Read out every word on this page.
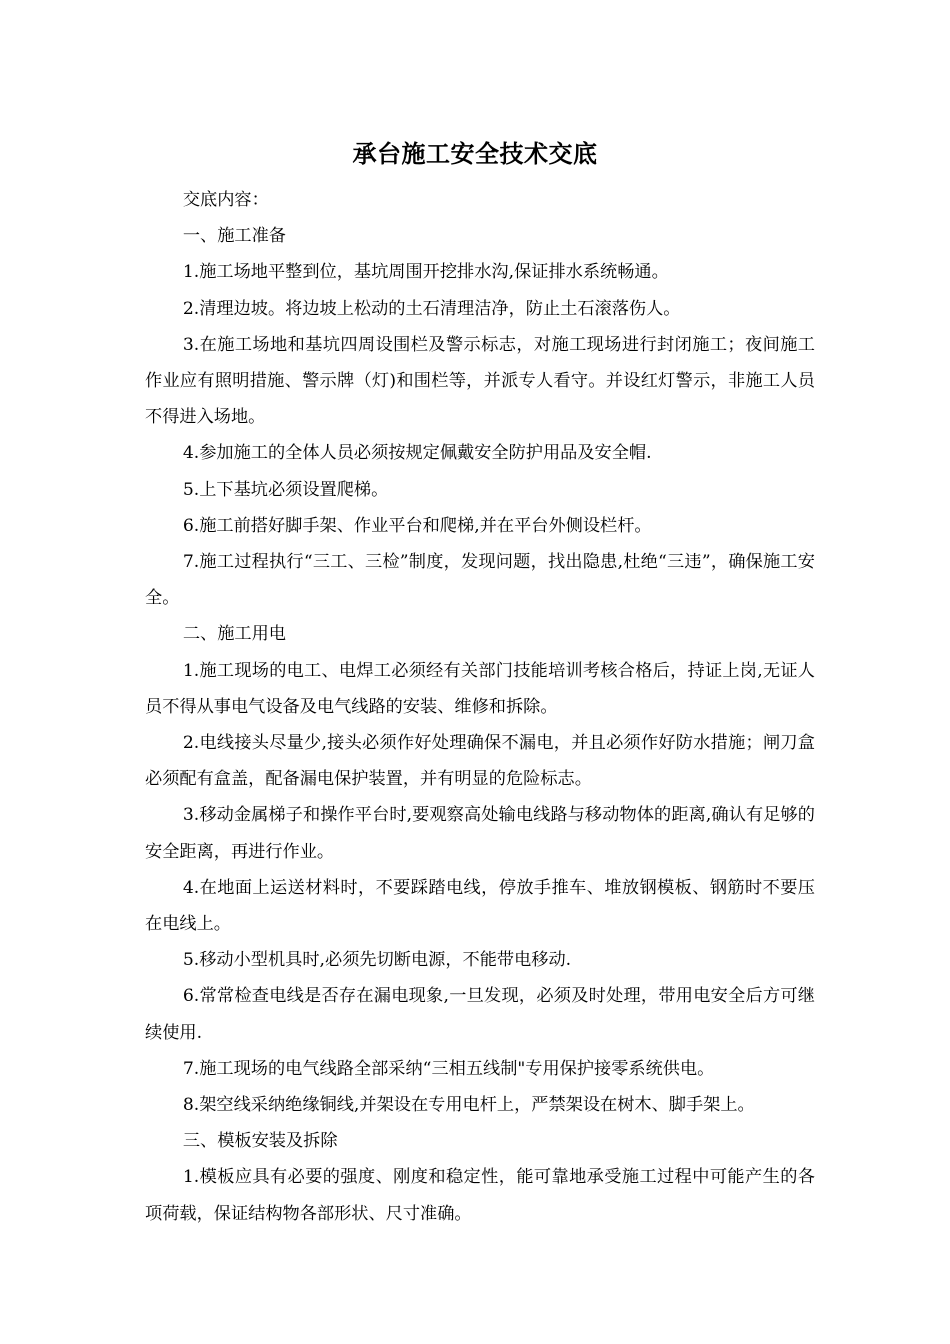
承台施工安全技术交底

交底内容：

一、施工准备

1.施工场地平整到位，基坑周围开挖排水沟,保证排水系统畅通。

2.清理边坡。将边坡上松动的土石清理洁净，防止土石滚落伤人。

3.在施工场地和基坑四周设围栏及警示标志，对施工现场进行封闭施工；夜间施工作业应有照明措施、警示牌（灯)和围栏等，并派专人看守。并设红灯警示，非施工人员不得进入场地。

4.参加施工的全体人员必须按规定佩戴安全防护用品及安全帽.

5.上下基坑必须设置爬梯。

6.施工前搭好脚手架、作业平台和爬梯,并在平台外侧设栏杆。

7.施工过程执行“三工、三检”制度，发现问题，找出隐患,杜绝“三违”，确保施工安全。

二、施工用电

1.施工现场的电工、电焊工必须经有关部门技能培训考核合格后，持证上岗,无证人员不得从事电气设备及电气线路的安装、维修和拆除。

2.电线接头尽量少,接头必须作好处理确保不漏电，并且必须作好防水措施；闸刀盒必须配有盒盖，配备漏电保护装置，并有明显的危险标志。

3.移动金属梯子和操作平台时,要观察高处输电线路与移动物体的距离,确认有足够的安全距离，再进行作业。

4.在地面上运送材料时，不要踩踏电线，停放手推车、堆放钢模板、钢筋时不要压在电线上。

5.移动小型机具时,必须先切断电源，不能带电移动.

6.常常检查电线是否存在漏电现象,一旦发现，必须及时处理，带用电安全后方可继续使用.

7.施工现场的电气线路全部采纳“三相五线制"专用保护接零系统供电。

8.架空线采纳绝缘铜线,并架设在专用电杆上，严禁架设在树木、脚手架上。

三、模板安装及拆除

1.模板应具有必要的强度、刚度和稳定性，能可靠地承受施工过程中可能产生的各项荷载，保证结构物各部形状、尺寸准确。
